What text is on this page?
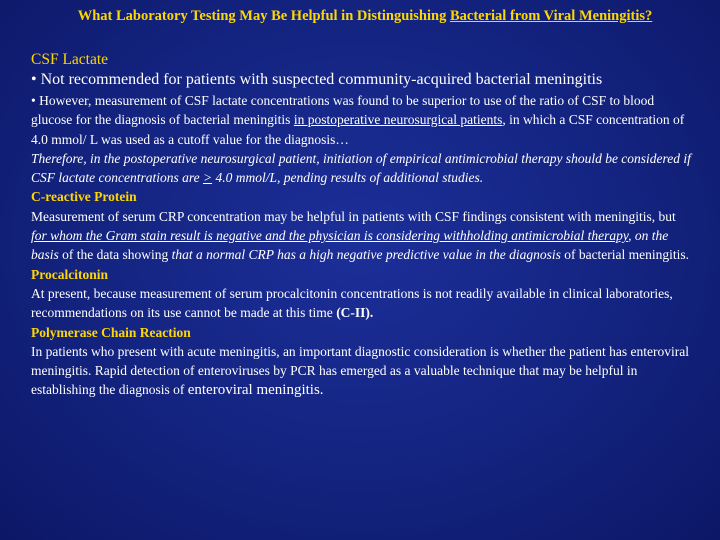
What Laboratory Testing May Be Helpful in Distinguishing Bacterial from Viral Meningitis?
CSF Lactate
• Not recommended for patients with suspected community-acquired bacterial meningitis
• However, measurement of CSF lactate concentrations was found to be superior to use of the ratio of CSF to blood glucose for the diagnosis of bacterial meningitis in postoperative neurosurgical patients, in which a CSF concentration of 4.0 mmol/ L was used as a cutoff value for the diagnosis…
Therefore, in the postoperative neurosurgical patient, initiation of empirical antimicrobial therapy should be considered if CSF lactate concentrations are > 4.0 mmol/L, pending results of additional studies.
C-reactive Protein
Measurement of serum CRP concentration may be helpful in patients with CSF findings consistent with meningitis, but for whom the Gram stain result is negative and the physician is considering withholding antimicrobial therapy, on the basis of the data showing that a normal CRP has a high negative predictive value in the diagnosis of bacterial meningitis.
Procalcitonin
At present, because measurement of serum procalcitonin concentrations is not readily available in clinical laboratories, recommendations on its use cannot be made at this time (C-II).
Polymerase Chain Reaction
In patients who present with acute meningitis, an important diagnostic consideration is whether the patient has enteroviral meningitis. Rapid detection of enteroviruses by PCR has emerged as a valuable technique that may be helpful in establishing the diagnosis of enteroviral meningitis.
